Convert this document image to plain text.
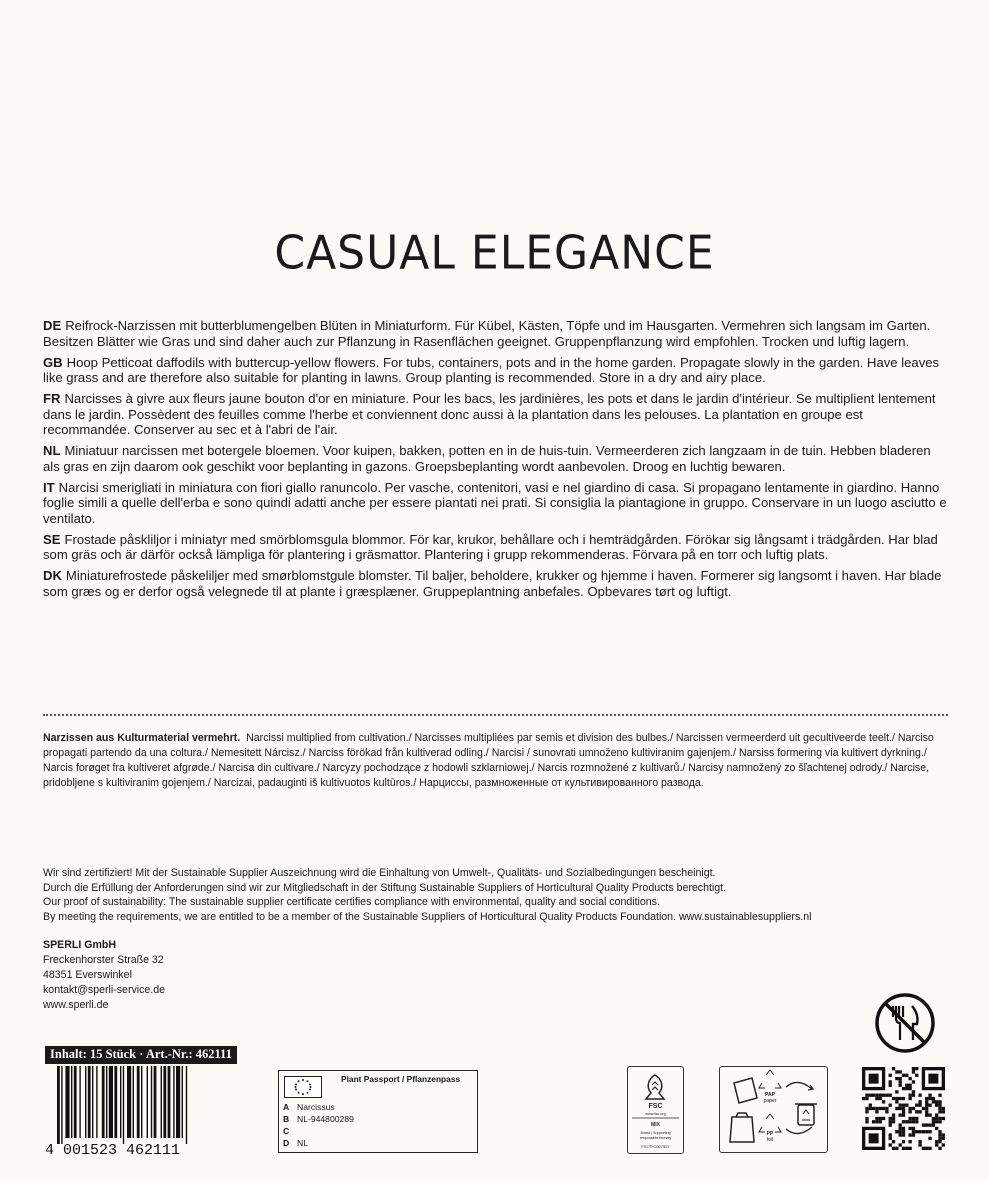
CASUAL ELEGANCE
DE Reifrock-Narzissen mit butterblumengelben Blüten in Miniaturform. Für Kübel, Kästen, Töpfe und im Hausgarten. Vermehren sich langsam im Garten. Besitzen Blätter wie Gras und sind daher auch zur Pflanzung in Rasenflächen geeignet. Gruppenpflanzung wird empfohlen. Trocken und luftig lagern.
GB Hoop Petticoat daffodils with buttercup-yellow flowers. For tubs, containers, pots and in the home garden. Propagate slowly in the garden. Have leaves like grass and are therefore also suitable for planting in lawns. Group planting is recommended. Store in a dry and airy place.
FR Narcisses à givre aux fleurs jaune bouton d'or en miniature. Pour les bacs, les jardinières, les pots et dans le jardin d'intérieur. Se multiplient lentement dans le jardin. Possèdent des feuilles comme l'herbe et conviennent donc aussi à la plantation dans les pelouses. La plantation en groupe est recommandée. Conserver au sec et à l'abri de l'air.
NL Miniatuur narcissen met botergele bloemen. Voor kuipen, bakken, potten en in de huis-tuin. Vermeerderen zich langzaam in de tuin. Hebben bladeren als gras en zijn daarom ook geschikt voor beplanting in gazons. Groepsbeplanting wordt aanbevolen. Droog en luchtig bewaren.
IT Narcisi smerigliati in miniatura con fiori giallo ranuncolo. Per vasche, contenitori, vasi e nel giardino di casa. Si propagano lentamente in giardino. Hanno foglie simili a quelle dell'erba e sono quindi adatti anche per essere piantati nei prati. Si consiglia la piantagione in gruppo. Conservare in un luogo asciutto e ventilato.
SE Frostade påskliljor i miniatyr med smörblomsgula blommor. För kar, krukor, behållare och i hemträdgården. Förökar sig långsamt i trädgården. Har blad som gräs och är därför också lämpliga för plantering i gräsmattor. Plantering i grupp rekommenderas. Förvara på en torr och luftig plats.
DK Miniaturefrostede påskeliljer med smørblomstgule blomster. Til baljer, beholdere, krukker og hjemme i haven. Formerer sig langsomt i haven. Har blade som græs og er derfor også velegnede til at plante i græsplæner. Gruppeplantning anbefales. Opbevares tørt og luftigt.
Narzissen aus Kulturmaterial vermehrt. Narcissi multiplied from cultivation./ Narcisses multipliées par semis et division des bulbes./ Narcissen vermeerderd uit gecultiveerde teelt./ Narciso propagati partendo da una coltura./ Nemesitett Nárcisz./ Narciss förökad från kultiverad odling./ Narcisi / sunovrati umnoženo kultiviranim gajenjem./ Narsiss formering via kultivert dyrkning./ Narcis forøget fra kultiveret afgrøde./ Narcisa din cultivare./ Narcyzy pochodzące z hodowli szklarniowej./ Narcis rozmnožené z kultivarů./ Narcisy namnožený zo šľachtenej odrody./ Narcise, pridobljene s kultiviranim gojenjem./ Narcizai, padauginti iš kultivuotos kultūros./ Нарциссы, размноженные от культивированного развода.
Wir sind zertifiziert! Mit der Sustainable Supplier Auszeichnung wird die Einhaltung von Umwelt-, Qualitäts- und Sozialbedingungen bescheinigt.
Durch die Erfüllung der Anforderungen sind wir zur Mitgliedschaft in der Stiftung Sustainable Suppliers of Horticultural Quality Products berechtigt.
Our proof of sustainability: The sustainable supplier certificate certifies compliance with environmental, quality and social conditions.
By meeting the requirements, we are entitled to be a member of the Sustainable Suppliers of Horticultural Quality Products Foundation. www.sustainablesuppliers.nl
SPERLI GmbH
Freckenhorster Straße 32
48351 Everswinkel
kontakt@sperli-service.de
www.sperli.de
Inhalt: 15 Stück · Art.-Nr.: 462111
4 001523 462111
Plant Passport / Pflanzenpass
A Narcissus
B NL-944800289
C
D NL
FSC
www.fsc.org
MIX
Board | Supporting
responsible forestry
FSC® C007957
PAP
paper
PP
foil
